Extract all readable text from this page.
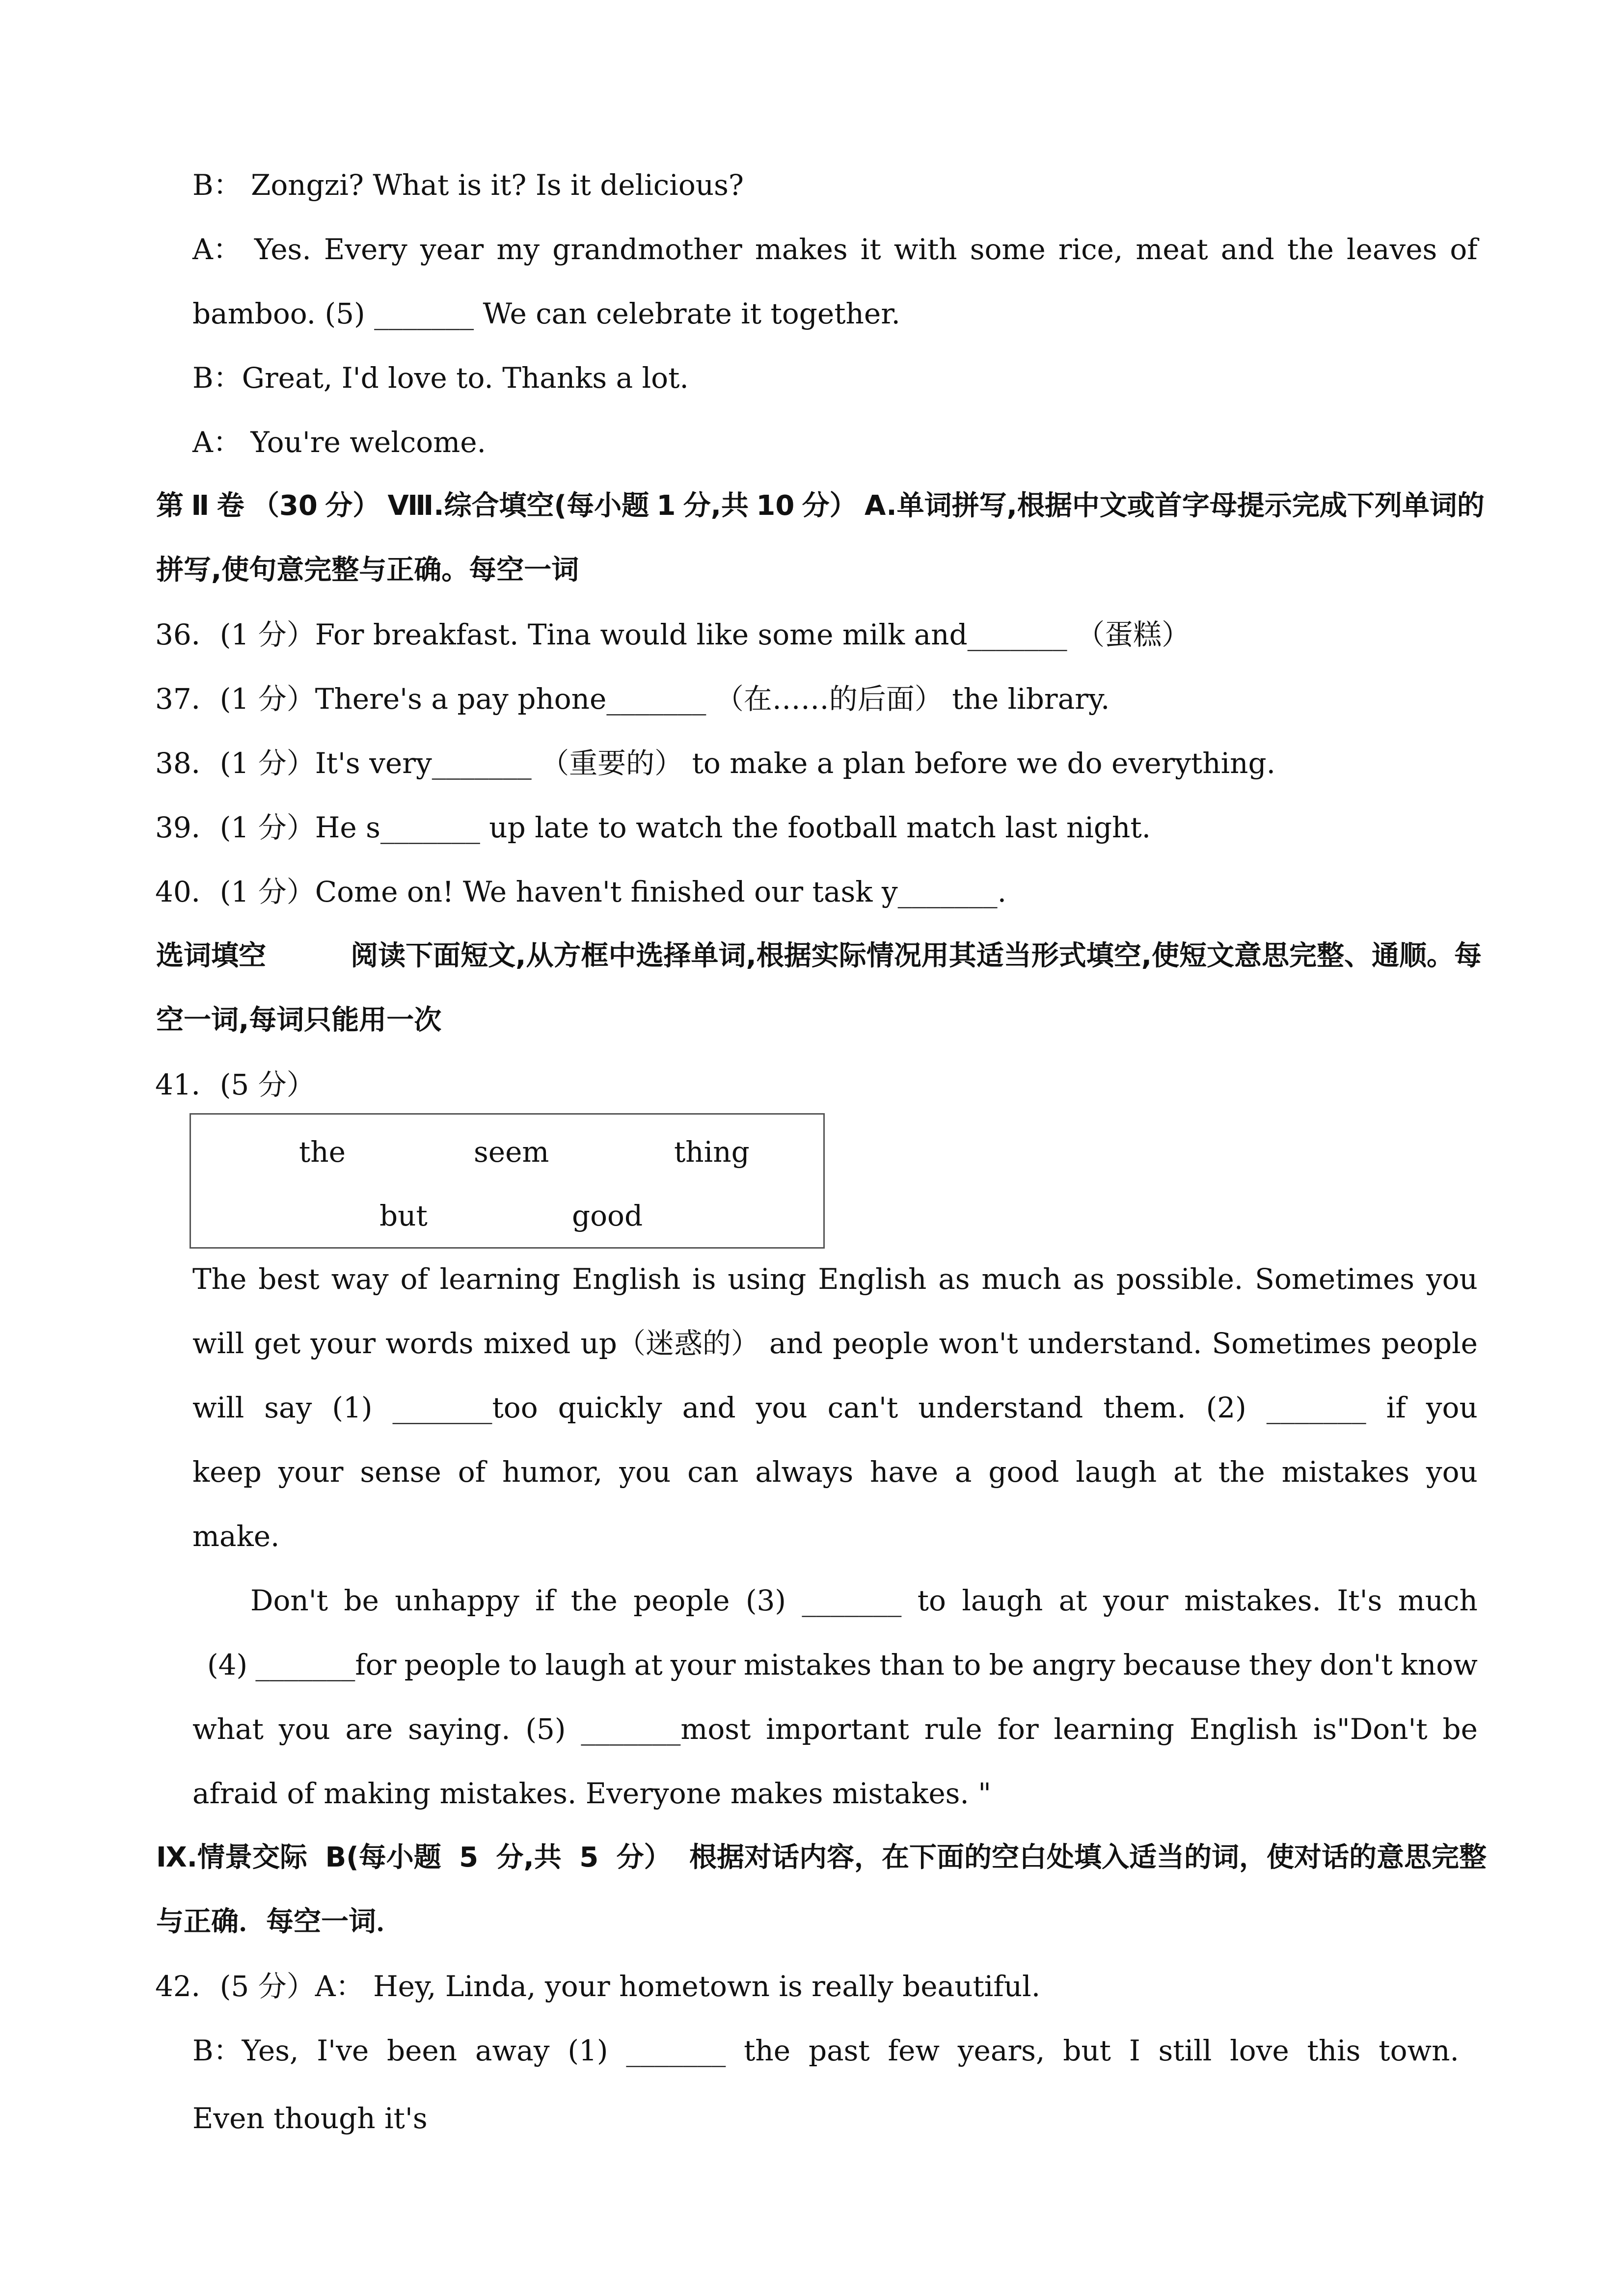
B： Zongzi? What is it? Is it delicious?
A： Yes. Every year my grandmother makes it with some rice, meat and the leaves of
bamboo. (5) _______ We can celebrate it together.
B：Great, I'd love to. Thanks a lot.
A： You're welcome.
第 Ⅱ 卷 （30 分） Ⅷ.综合填空(每小题 1 分,共 10 分） A.单词拼写,根据中文或首字母提示完成下列单词的
拼写,使句意完整与正确。每空一词
36．(1 分）For breakfast. Tina would like some milk and_______ （蛋糕）
37．(1 分）There's a pay phone_______ （在……的后面） the library.
38．(1 分）It's very_______ （重要的） to make a plan before we do everything.
39．(1 分）He s_______ up late to watch the football match last night.
40．(1 分）Come on! We haven't finished our task y_______.
选词填空	阅读下面短文,从方框中选择单词,根据实际情况用其适当形式填空,使短文意思完整、通顺。每
空一词,每词只能用一次
41．(5 分）
the	seem	thing
but	good
The best way of learning English is using English as much as possible. Sometimes you
will get your words mixed up（迷惑的） and people won't understand. Sometimes people
will say (1) _______too quickly and you can't understand them. (2) _______ if you
keep your sense of humor, you can always have a good laugh at the mistakes you
make.
Don't be unhappy if the people (3) _______ to laugh at your mistakes. It's much
(4) _______for people to laugh at your mistakes than to be angry because they don't know
what you are saying. (5) _______most important rule for learning English is"Don't be
afraid of making mistakes. Everyone makes mistakes. "
Ⅸ.情景交际 B(每小题 5 分,共 5 分） 根据对话内容，在下面的空白处填入适当的词，使对话的意思完整
与正确．每空一词．
42．(5 分）A： Hey, Linda, your hometown is really beautiful.
B：Yes, I've been away (1) _______ the past few years, but I still love this town.
Even though it's
